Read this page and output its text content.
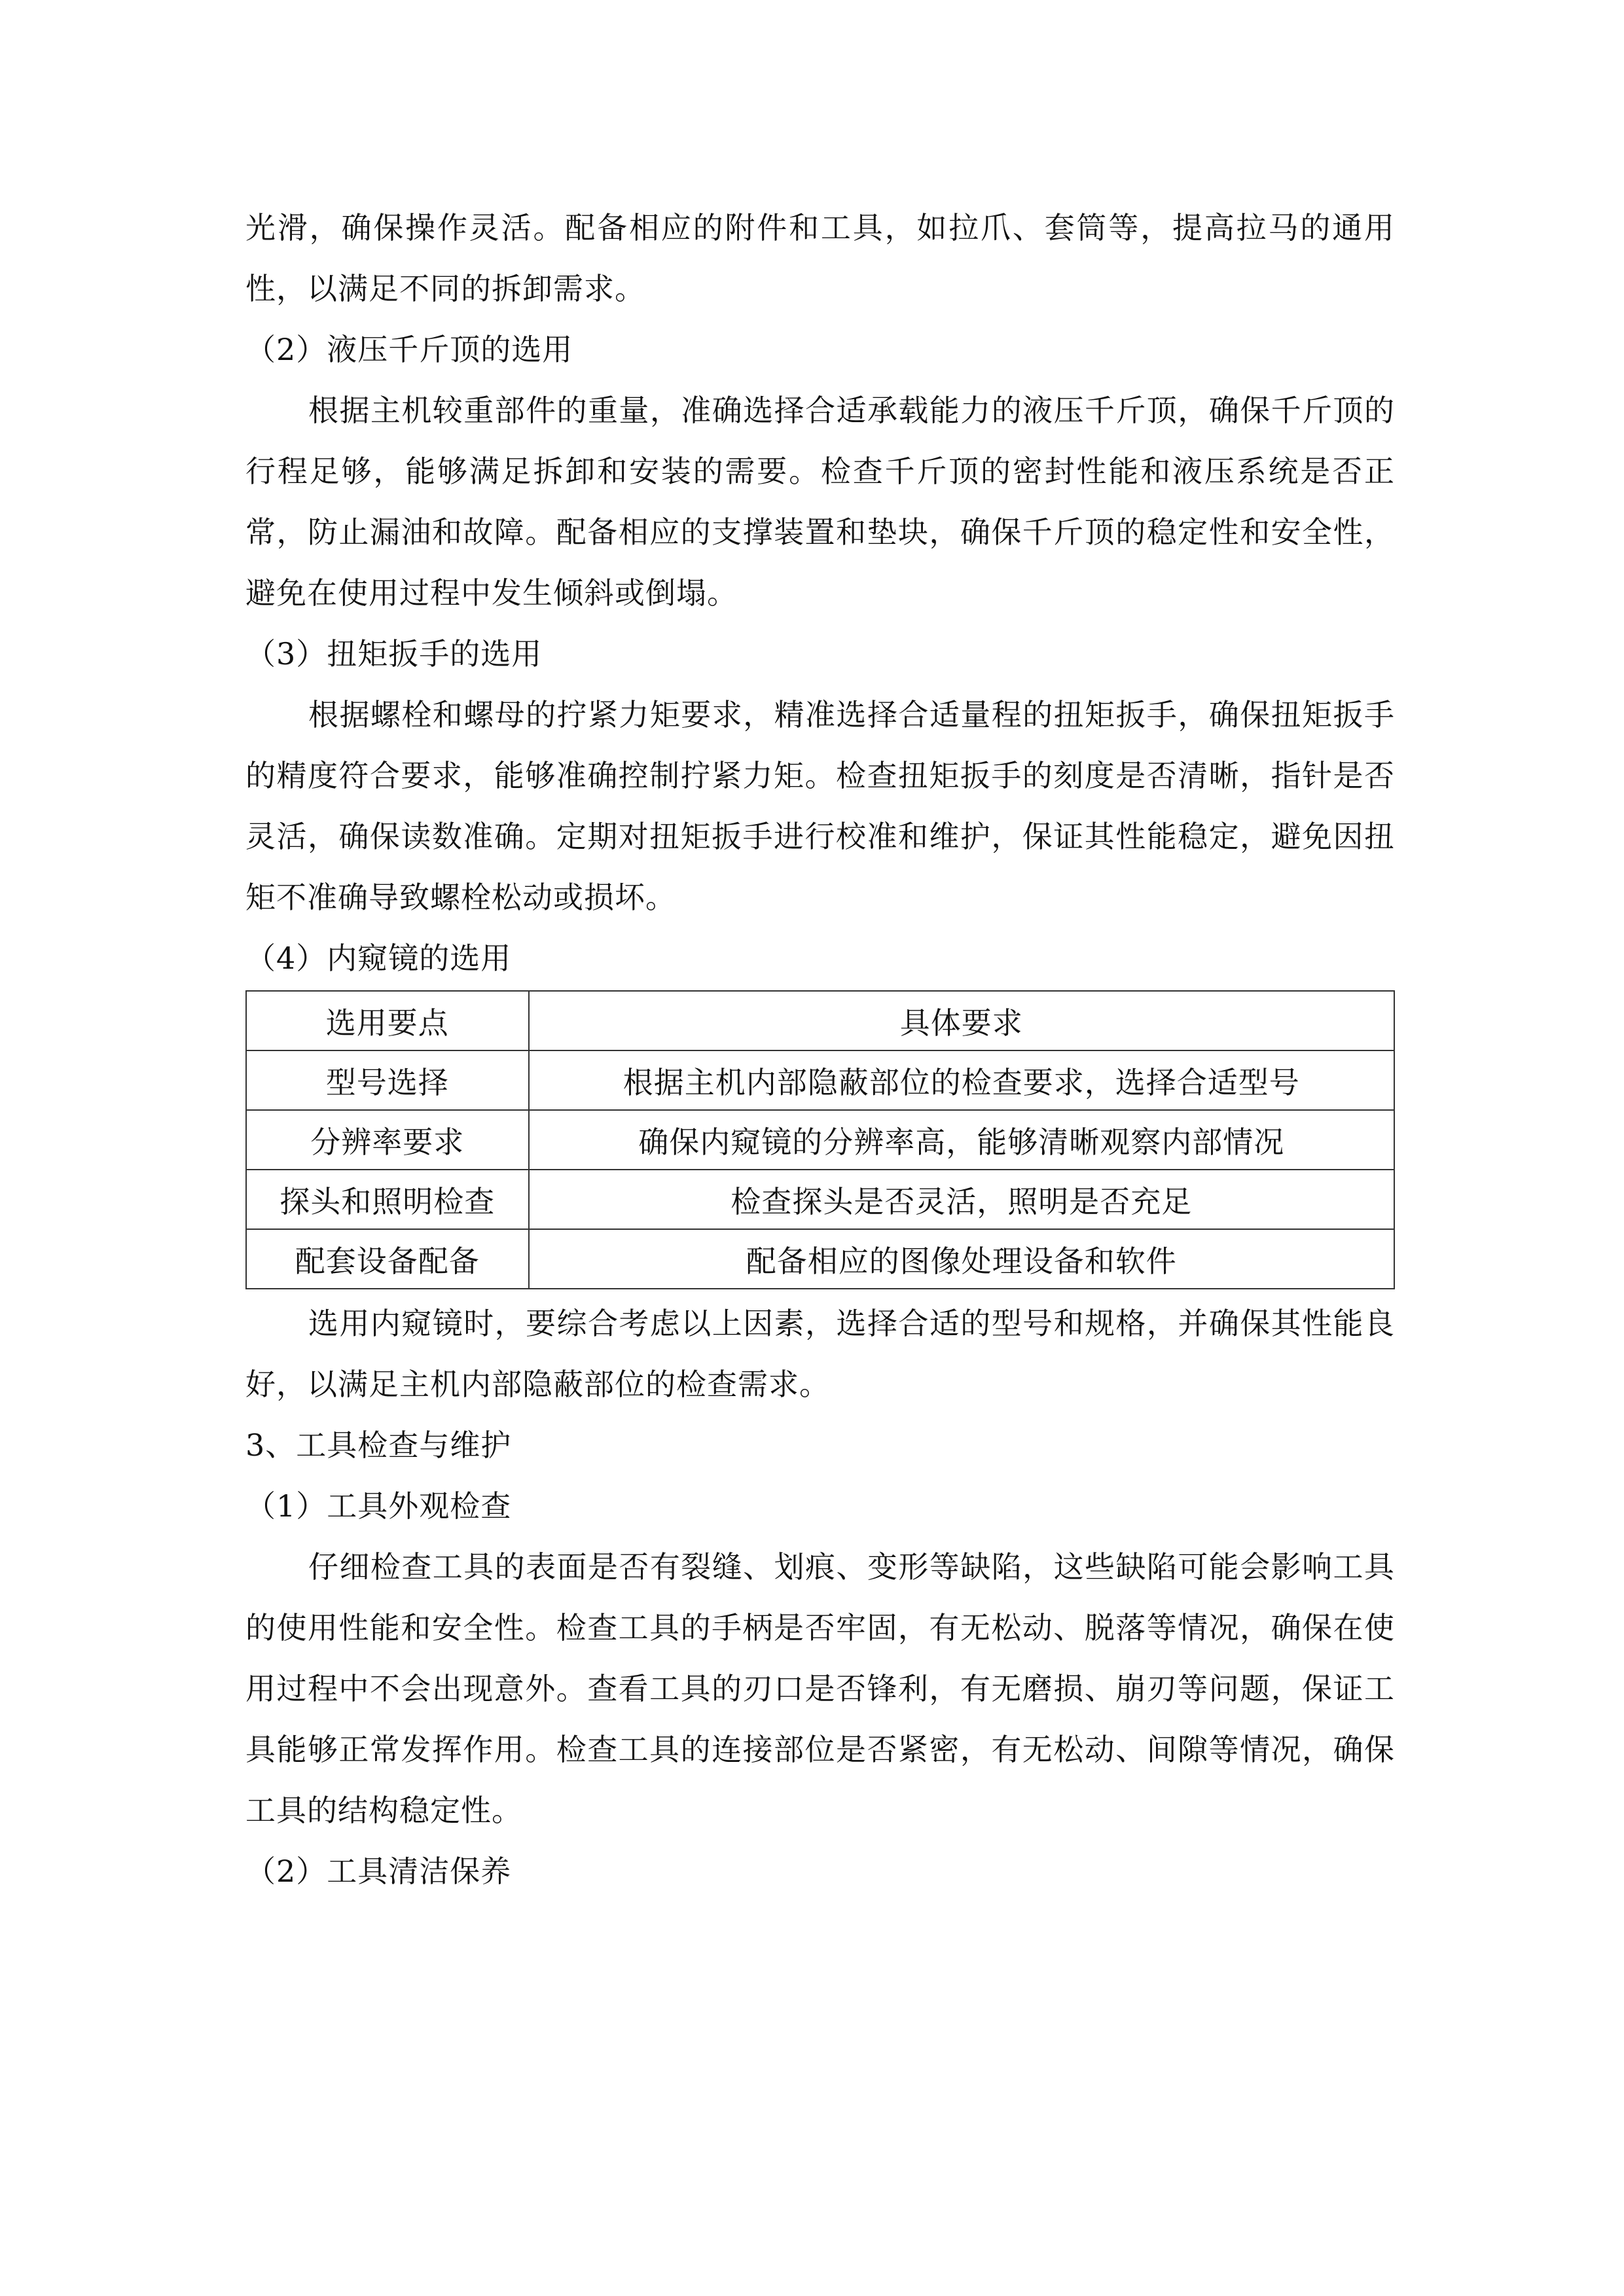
光滑，确保操作灵活。配备相应的附件和工具，如拉爪、套筒等，提高拉马的通用性，以满足不同的拆卸需求。

（2）液压千斤顶的选用

根据主机较重部件的重量，准确选择合适承载能力的液压千斤顶，确保千斤顶的行程足够，能够满足拆卸和安装的需要。检查千斤顶的密封性能和液压系统是否正常，防止漏油和故障。配备相应的支撑装置和垫块，确保千斤顶的稳定性和安全性，避免在使用过程中发生倾斜或倒塌。

（3）扭矩扳手的选用

根据螺栓和螺母的拧紧力矩要求，精准选择合适量程的扭矩扳手，确保扭矩扳手的精度符合要求，能够准确控制拧紧力矩。检查扭矩扳手的刻度是否清晰，指针是否灵活，确保读数准确。定期对扭矩扳手进行校准和维护，保证其性能稳定，避免因扭矩不准确导致螺栓松动或损坏。

（4）内窥镜的选用

选用要点	具体要求
型号选择	根据主机内部隐蔽部位的检查要求，选择合适型号
分辨率要求	确保内窥镜的分辨率高，能够清晰观察内部情况
探头和照明检查	检查探头是否灵活，照明是否充足
配套设备配备	配备相应的图像处理设备和软件

选用内窥镜时，要综合考虑以上因素，选择合适的型号和规格，并确保其性能良好，以满足主机内部隐蔽部位的检查需求。

3、工具检查与维护

（1）工具外观检查

仔细检查工具的表面是否有裂缝、划痕、变形等缺陷，这些缺陷可能会影响工具的使用性能和安全性。检查工具的手柄是否牢固，有无松动、脱落等情况，确保在使用过程中不会出现意外。查看工具的刃口是否锋利，有无磨损、崩刃等问题，保证工具能够正常发挥作用。检查工具的连接部位是否紧密，有无松动、间隙等情况，确保工具的结构稳定性。

（2）工具清洁保养
